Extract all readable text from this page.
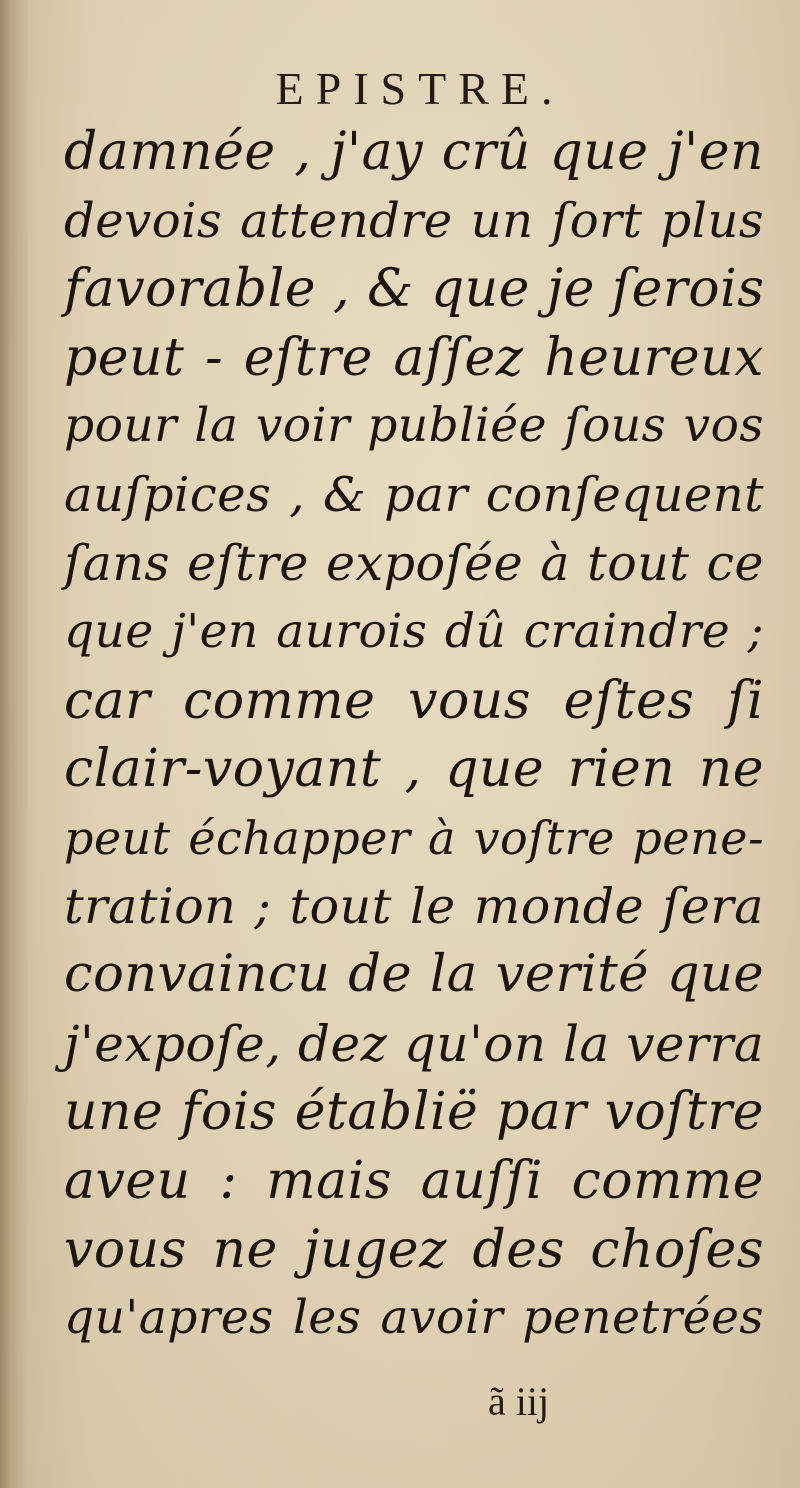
EPISTRE.
damnée , j'ay crû que j'en
devois attendre un ſort plus
favorable , & que je ſerois
peut - eſtre aſſez heureux
pour la voir publiée ſous vos
auſpices , & par conſequent
ſans eſtre expoſée à tout ce
que j'en aurois dû craindre ;
car comme vous eſtes ſi
clair-voyant , que rien ne
peut échapper à voſtre pene-
tration ; tout le monde ſera
convaincu de la verité que
j'expoſe, dez qu'on la verra
une fois établië par voſtre
aveu : mais auſſi comme
vous ne jugez des choſes
qu'apres les avoir penetrées
ã iij
